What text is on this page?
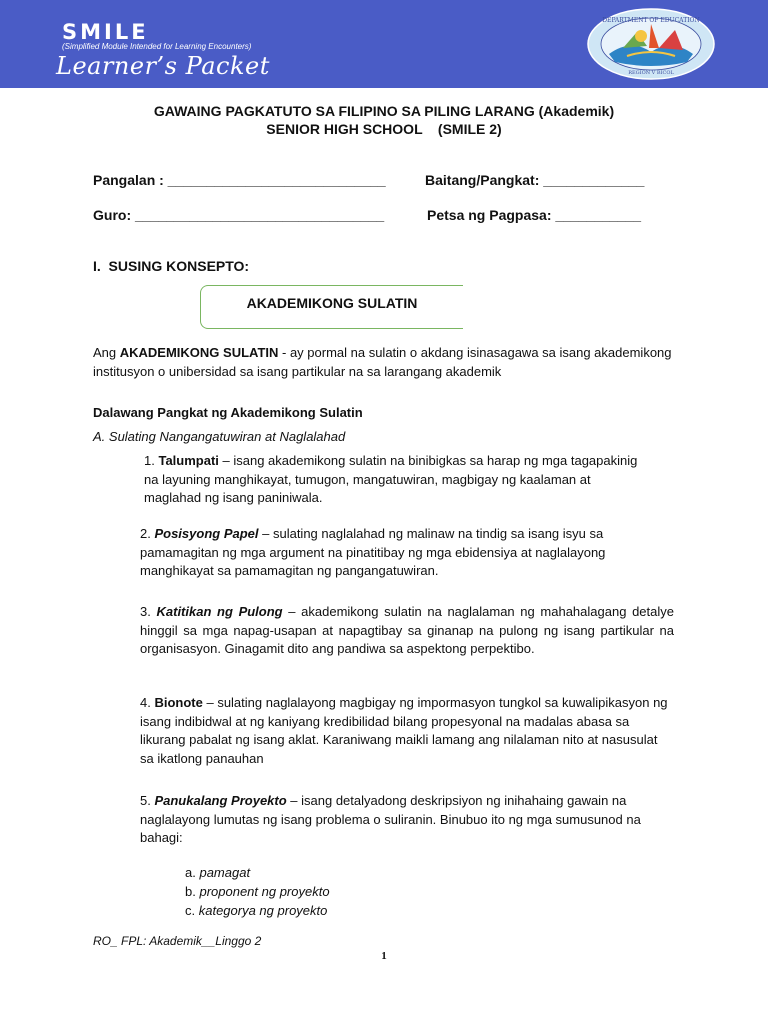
SMILE
(Simplified Module Intended for Learning Encounters)
Learner’s Packet
DEPARTMENT OF EDUCATION
REGION V BICOL
GAWAING PAGKATUTO SA FILIPINO SA PILING LARANG (Akademik)
SENIOR HIGH SCHOOL    (SMILE 2)
Pangalan : ____________________________	Baitang/Pangkat: _____________
Guro: ________________________________	Petsa ng Pagpasa: ___________
I.  SUSING KONSEPTO:
AKADEMIKONG SULATIN
Ang AKADEMIKONG SULATIN - ay pormal na sulatin o akdang isinasagawa sa isang akademikong institusyon o unibersidad sa isang partikular na sa larangang akademik
Dalawang Pangkat ng Akademikong Sulatin
A. Sulating Nangangatuwiran at Naglalahad
1. Talumpati – isang akademikong sulatin na binibigkas sa harap ng mga tagapakinig na layuning manghikayat, tumugon, mangatuwiran, magbigay ng kaalaman at maglahad ng isang paniniwala.
2. Posisyong Papel – sulating naglalahad ng malinaw na tindig sa isang isyu sa pamamagitan ng mga argument na pinatitibay ng mga ebidensiya at naglalayong manghikayat sa pamamagitan ng pangangatuwiran.
3. Katitikan ng Pulong – akademikong sulatin na naglalaman ng mahahalagang detalye hinggil sa mga napag-usapan at napagtibay sa ginanap na pulong ng isang partikular na organisasyon. Ginagamit dito ang pandiwa sa aspektong perpektibo.
4. Bionote – sulating naglalayong magbigay ng impormasyon tungkol sa kuwalipikasyon ng isang indibidwal at ng kaniyang kredibilidad bilang propesyonal na madalas abasa sa likurang pabalat ng isang aklat. Karaniwang maikli lamang ang nilalaman nito at nasusulat sa ikatlong panauhan
5. Panukalang Proyekto – isang detalyadong deskripsiyon ng inihahaing gawain na naglalayong lumutas ng isang problema o suliranin. Binubuo ito ng mga sumusunod na bahagi:
a. pamagat
b. proponent ng proyekto
c. kategorya ng proyekto
RO_ FPL: Akademik__Linggo 2
1
